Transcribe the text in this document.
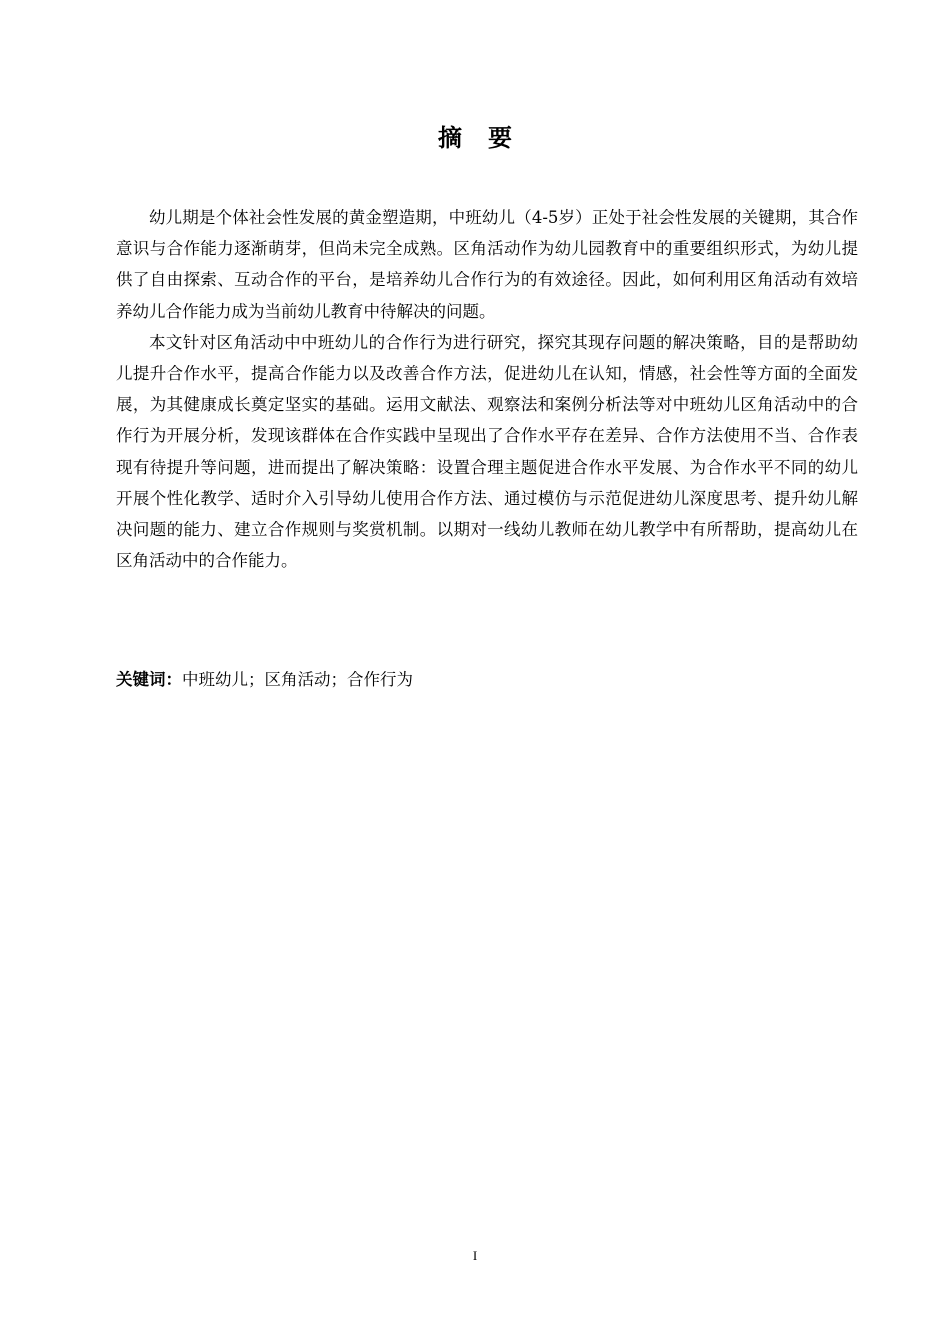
摘要

幼儿期是个体社会性发展的黄金塑造期，中班幼儿（4-5岁）正处于社会性发展的关键期，其合作意识与合作能力逐渐萌芽，但尚未完全成熟。区角活动作为幼儿园教育中的重要组织形式，为幼儿提供了自由探索、互动合作的平台，是培养幼儿合作行为的有效途径。因此，如何利用区角活动有效培养幼儿合作能力成为当前幼儿教育中待解决的问题。

本文针对区角活动中中班幼儿的合作行为进行研究，探究其现存问题的解决策略，目的是帮助幼儿提升合作水平，提高合作能力以及改善合作方法，促进幼儿在认知，情感，社会性等方面的全面发展，为其健康成长奠定坚实的基础。运用文献法、观察法和案例分析法等对中班幼儿区角活动中的合作行为开展分析，发现该群体在合作实践中呈现出了合作水平存在差异、合作方法使用不当、合作表现有待提升等问题，进而提出了解决策略：设置合理主题促进合作水平发展、为合作水平不同的幼儿开展个性化教学、适时介入引导幼儿使用合作方法、通过模仿与示范促进幼儿深度思考、提升幼儿解决问题的能力、建立合作规则与奖赏机制。以期对一线幼儿教师在幼儿教学中有所帮助，提高幼儿在区角活动中的合作能力。

关键词：中班幼儿；区角活动；合作行为
I
